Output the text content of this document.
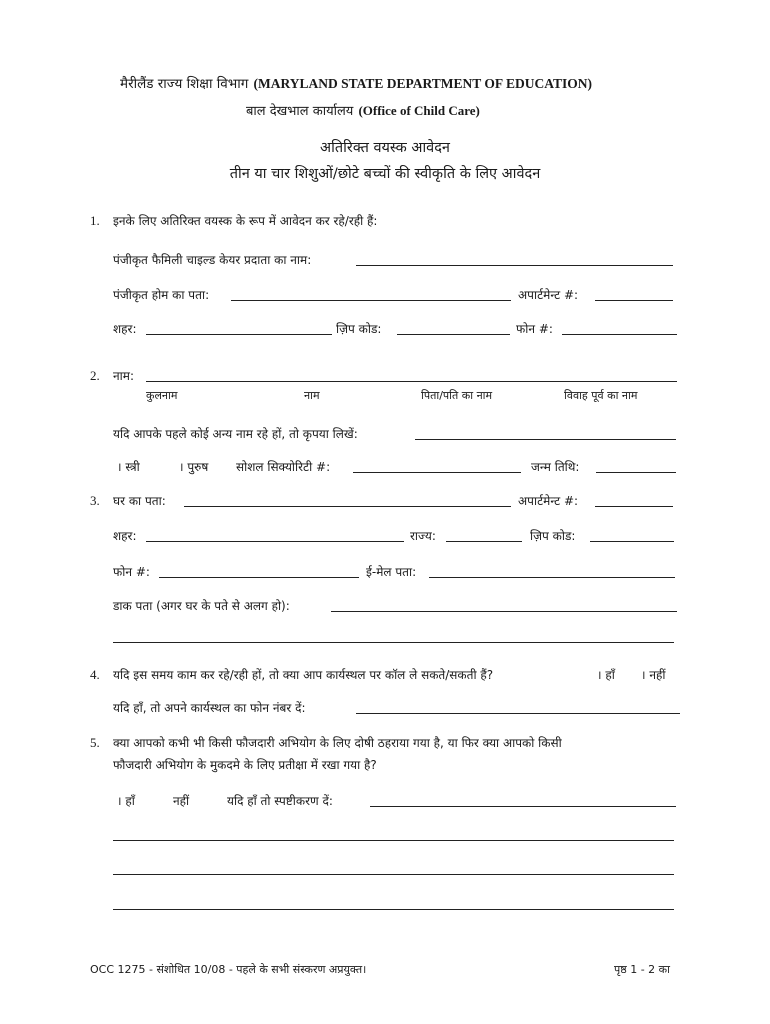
मैरीलैंड राज्य शिक्षा विभाग (MARYLAND STATE DEPARTMENT OF EDUCATION)
बाल देखभाल कार्यालय (Office of Child Care)
अतिरिक्त वयस्क आवेदन
तीन या चार शिशुओं/छोटे बच्चों की स्वीकृति के लिए आवेदन
1. इनके लिए अतिरिक्त वयस्क के रूप में आवेदन कर रहे/रही हैं:
पंजीकृत फैमिली चाइल्ड केयर प्रदाता का नाम:
पंजीकृत होम का पता:	अपार्टमेन्ट #:
शहर:	ज़िप कोड:	फोन #:
2. नाम:
कुलनाम	नाम	पिता/पति का नाम	विवाह पूर्व का नाम
यदि आपके पहले कोई अन्य नाम रहे हों, तो कृपया लिखें:
। स्त्री	। पुरुष सोशल सिक्योरिटी #:	जन्म तिथि:
3. घर का पता:	अपार्टमेन्ट #:
शहर:	राज्य:	ज़िप कोड:
फोन #:	ई-मेल पता:
डाक पता (अगर घर के पते से अलग हो):
4. यदि इस समय काम कर रहे/रही हों, तो क्या आप कार्यस्थल पर कॉल ले सकते/सकती हैं?	। हाँ । नहीं
यदि हाँ, तो अपने कार्यस्थल का फोन नंबर दें:
5. क्या आपको कभी भी किसी फौजदारी अभियोग के लिए दोषी ठहराया गया है, या फिर क्या आपको किसी
फौजदारी अभियोग के मुकदमे के लिए प्रतीक्षा में रखा गया है?
। हाँ	नहीं	यदि हाँ तो स्पष्टीकरण दें:
OCC 1275 - संशोधित 10/08 - पहले के सभी संस्करण अप्रयुक्त।	पृष्ठ 1 - 2 का
